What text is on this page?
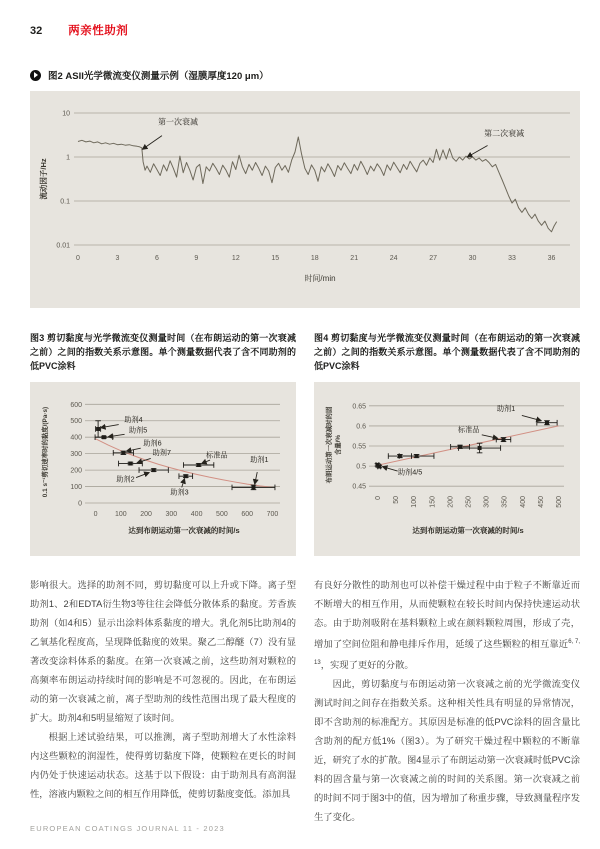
32 两亲性助剂
图2 ASII光学微流变仪测量示例（湿膜厚度120 μm）
0.01
0.1
1
10
0	3	6	9	12	15	18	21	24	27	30	33	36
时间/min
流动因子/Hz
第一次衰减
第二次衰减
图3 剪切黏度与光学微流变仪测量时间（在布朗运动的第一次衰减之前）之间的指数关系示意图。单个测量数据代表了含不同助剂的低PVC涂料
图4 剪切黏度与光学微流变仪测量时间（在布朗运动的第一次衰减之前）之间的指数关系示意图。单个测量数据代表了含不同助剂的低PVC涂料
0
100
200
300
400
500
600
0 100 200 300 400 500 600 700
助剂4
助剂5
助剂6
助剂7	标准品
助剂1
助剂2
助剂3
达到布朗运动第一次衰减的时间/s
0.1 s⁻¹剪切速率时的黏度/(Pa·s)	0.45
0.5
0.55
0.6
0.65
0 50 100 150 200 250 300 350 400 450 500
助剂1
标准品
助剂4/5
达到布朗运动第一次衰减的时间/s
布朗运动第一次衰减时的固 含量/%

影响很大。选择的助剂不同，剪切黏度可以上升或下降。离子型助剂1、2和EDTA衍生物3等往往会降低分散体系的黏度。芳香族助剂（如4和5）显示出涂料体系黏度的增大。乳化剂5比助剂4的乙氧基化程度高，呈现降低黏度的效果。聚乙二醇醚（7）没有显著改变涂料体系的黏度。在第一次衰减之前，这些助剂对颗粒的高频率布朗运动持续时间的影响是不可忽视的。因此，在布朗运动的第一次衰减之前，离子型助剂的线性范围出现了最大程度的扩大。助剂4和5明显缩短了该时间。

根据上述试验结果，可以推测，离子型助剂增大了水性涂料内这些颗粒的润湿性，使得剪切黏度下降，使颗粒在更长的时间内仍处于快速运动状态。这基于以下假设：由于助剂具有高润湿性，溶液内颗粒之间的相互作用降低，使剪切黏度变低。添加具

有良好分散性的助剂也可以补偿干燥过程中由于粒子不断靠近而不断增大的相互作用，从而使颗粒在较长时间内保持快速运动状态。由于助剂吸附在基料颗粒上或在颜料颗粒周围，形成了壳，增加了空间位阻和静电排斥作用，延缓了这些颗粒的相互靠近$^{6, 7, 13}$，实现了更好的分散。

因此，剪切黏度与布朗运动第一次衰减之前的光学微流变仪测试时间之间存在指数关系。这种相关性具有明显的异常情况，即不含助剂的标准配方。其原因是标准的低PVC涂料的固含量比含助剂的配方低1%（图3）。为了研究干燥过程中颗粒的不断靠近，研究了水的扩散。图4显示了布朗运动第一次衰减时低PVC涂料的固含量与第一次衰减之前的时间的关系图。第一次衰减之前的时间不同于图3中的值，因为增加了称重步骤，导致测量程序发生了变化。

EUROPEAN COATINGS JOURNAL 11 - 2023
